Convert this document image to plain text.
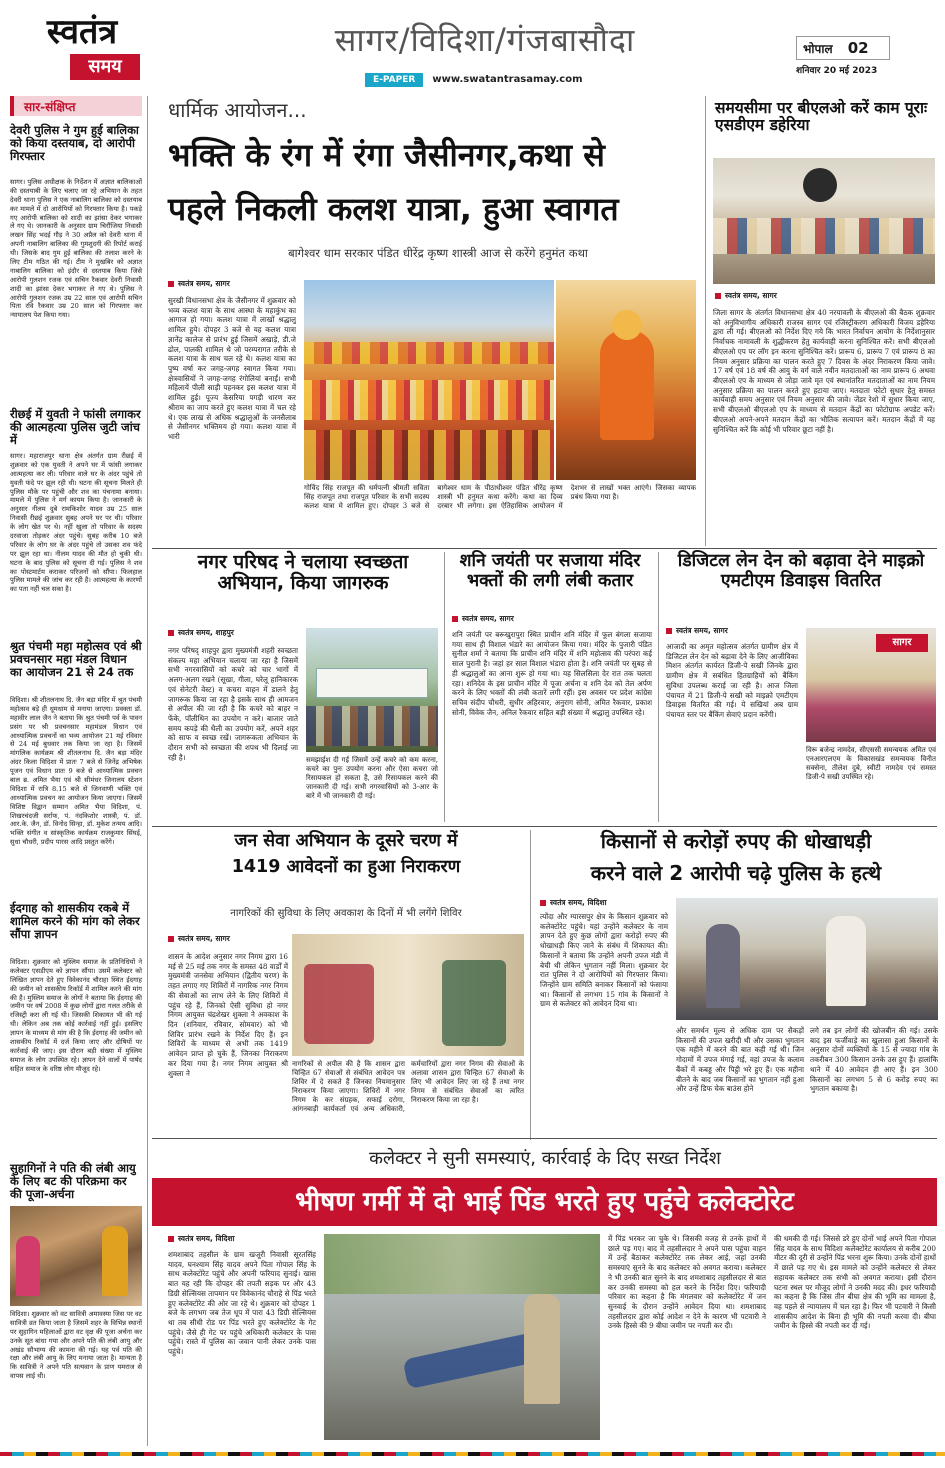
स्वतंत्र
समय
सागर/विदिशा/गंजबासौदा
E-PAPER www.swatantrasamay.com
भोपाल 02
शनिवार 20 मई 2023
सार-संक्षिप्त
देवरी पुलिस ने गुम हुई बालिका को किया दस्तयाब, दो आरोपी गिरफ्तार
सागर। पुलिस अधीक्षक के निर्देशन में अज्ञात बालिकाओं की दस्तयाबी के लिए चलाए जा रहे अभियान के तहत देवरी थाना पुलिस ने एक नाबालिग बालिका को दस्तयाब कर मामले में दो आरोपियों को गिरफ्तार किया है। पकड़े गए आरोपी बालिका को शादी का झांसा देकर भगाकर ले गए थे। जानकारी के अनुसार ग्राम चिरौंजिया निवासी लखन सिंह भदई गौड़ ने 30 अप्रैल को देवरी थाना में अपनी नाबालिग बालिका की गुमशुदगी की रिपोर्ट कराई थी। जिसके बाद गुम हुई बालिका की तलाश करने के लिए टीम गठित की गई। टीम ने मुखबिर को अज्ञात नाबालिग बालिका को इंदौर से दस्तयाब किया जिसे आरोपी गुलशन रजक एवं सचिन रैकवार देवरी निवासी शादी का झांसा देकर भगाकर ले गए थे। पुलिस ने आरोपी गुलशन रजक उम्र 22 साल एवं आरोपी सचिन पिता रवि रैकवार उम्र 20 साल को गिरफ्तार कर न्यायालय पेश किया गया।
रीछई में युवती ने फांसी लगाकर की आत्महत्या पुलिस जुटी जांच में
सागर। महाराजपुर थाना क्षेत्र अंतर्गत ग्राम रीछई में शुक्रवार को एक युवती ने अपने घर में फांसी लगाकर आत्महत्या कर ली। परिवार वाले घर के अंदर पहुंचे तो युवती फंदे पर झूल रही थी। घटना की सूचना मिलते ही पुलिस मौके पर पहुंची और शव का पंचनामा बनाया। मामले में पुलिस ने मर्ग कायम किया है। जानकारी के अनुसार नीलम दुबे रामकिशोर यादव उम्र 25 साल निवासी रीछई शुक्रवार सुबह अपने घर पर थी। परिवार के लोग खेत पर थे। नहीं खुला तो परिवार के सदस्य दरवाजा तोड़कर अंदर पहुंचे। सुबह करीब 10 बजे परिवार के लोग घर के अंदर पहुंचे तो उसका शव फंदे पर झूल रहा था। नीलम यादव की मौत हो चुकी थी। घटना के बाद पुलिस को सूचना दी गई। पुलिस ने शव का पोस्टमार्टम कराकर परिजनों को सौंपा। फिलहाल पुलिस मामले की जांच कर रही है। आत्महत्या के कारणों का पता नहीं चल सका है।
श्रुत पंचमी महा महोत्सव एवं श्री प्रवचनसार महा मंडल विधान का आयोजन 21 से 24 तक
विदिशा। श्री शीतलनाथ दि. जैन बड़ा मंदिर में श्रुत पंचमी महोत्सव बड़े ही धूमधाम से मनाया जाएगा। प्रवक्ता डॉ. महावीर लाल जैन ने बताया कि श्रुत पंचमी पर्व के पावन प्रसंग पर श्री प्रवचनसार महामंडल विधान एवं आध्यात्मिक प्रवचनों का भव्य आयोजन 21 मई रविवार से 24 मई बुधवार तक किया जा रहा है। जिसमें मांगलिक कार्यक्रम श्री शीतलनाथ दि. जैन बड़ा मंदिर अंदर किला विदिशा में प्रातः 7 बजे से जिनेंद्र अभिषेक पूजन एवं विधान प्रातः 9 बजे से आध्यात्मिक प्रवचन बाल ब्र. अमित भैया एवं श्री सीमंधर जिनालय स्टेशन विदिशा में रात्रि 8.15 बजे से जिनवाणी भक्ति एवं आध्यात्मिक प्रवचन का आयोजन किया जाएगा। जिसमें विशिष्ट विद्वान सम्मान अमित भैया विदिशा, पं. शिखरचंदजी सर्राफ, पं. नंदकिशोर शास्त्री, पं. डॉ. आर.के. जैन, डॉ. विनोद सिन्हा, डॉ. मुकेश तन्मय आदि। भक्ति संगीत व सांस्कृतिक कार्यक्रम राजकुमार सिंघई, सुधा चौधरी, प्रदीप पारस आदि प्रस्तुत करेंगे।
ईदगाह को शासकीय रकबे में शामिल करने की मांग को लेकर सौंपा ज्ञापन
विदिशा। शुक्रवार को मुस्लिम समाज के प्रतिनिधियों ने कलेक्टर एसडीएम को ज्ञापन सौंपा। उसमें कलेक्टर को लिखित ज्ञापन देते हुए विवेकानंद चौराहा स्थित ईदगाह की जमीन को शासकीय रिकॉर्ड में शामिल करने की मांग की है। मुस्लिम समाज के लोगों ने बताया कि ईदगाह की जमीन पर वर्ष 2008 में कुछ लोगों द्वारा गलत तरीके से रजिस्ट्री करा ली गई थी। जिसकी शिकायत भी की गई थी। लेकिन अब तक कोई कार्रवाई नहीं हुई। इसलिए ज्ञापन के माध्यम से मांग की है कि ईदगाह की जमीन को शासकीय रिकॉर्ड में दर्ज किया जाए और दोषियों पर कार्रवाई की जाए। इस दौरान बड़ी संख्या में मुस्लिम समाज के लोग उपस्थित रहे। ज्ञापन देने वालों में पार्षद सहित समाज के वरिष्ठ लोग मौजूद रहे।
सुहागिनों ने पति की लंबी आयु के लिए बट की परिक्रमा कर की पूजा-अर्चना
विदिशा। शुक्रवार को वट सावित्री अमावस्या जिस पर वट सावित्री व्रत किया जाता है जिसमें शहर के विभिन्न स्थानों पर सुहागिन महिलाओं द्वारा वट वृक्ष की पूजा अर्चना कर उनके सूत बांधा गया और अपने पति की लंबी आयु और अखंड सौभाग्य की कामना की गई। यह पर्व पति की रक्षा और लंबी आयु के लिए मनाया जाता है। मान्यता है कि सावित्री ने अपने पति सत्यवान के प्राण यमराज से वापस लाई थी।
धार्मिक आयोजन...
भक्ति के रंग में रंगा जैसीनगर,कथा से
पहले निकली कलश यात्रा, हुआ स्वागत
बागेश्वर धाम सरकार पंडित धीरेंद्र कृष्ण शास्त्री आज से करेंगे हनुमंत कथा
स्वतंत्र समय, सागर
सुरखी विधानसभा क्षेत्र के जैसीनगर में शुक्रवार को भव्य कलश यात्रा के साथ आस्था के महाकुंभ का आगाज हो गया। कलश यात्रा में लाखों श्रद्धालु शामिल हुये। दोपहर 3 बजे से यह कलश यात्रा ज्ञानेंद्र कालेज से प्रारंभ हुई जिसमें अखाड़े, डी.जे ढोल, पालकी शामिल थे जो परम्परागत तरीके से कलश यात्रा के साथ चल रहे थे। कलश यात्रा का पुष्प वर्षा कर जगह-जगह स्वागत किया गया। क्षेत्रवासियों ने जगह-जगह रंगोलियां बनाईं। सभी महिलायें पीली साड़ी पहनकर इस कलश यात्रा में शामिल हुई। पूज्य केसरिया पगड़ी धारण कर श्रीराम का जाप करते हुए कलश यात्रा में चल रहे थे। एक लाख से अधिक श्रद्धालुओं के जनसैलाब से जैसीनगर भक्तिमय हो गया। कलश यात्रा में भारी
गोविंद सिंह राजपूत की धर्मपत्नी श्रीमती सविता सिंह राजपूत तथा राजपूत परिवार के सभी सदस्य कलश यात्रा मे शामिल हुए। दोपहर 3 बजे से बागेश्वर धाम के पीठाधीश्वर पंडित धीरेंद्र कृष्ण शास्त्री भी हनुमत कथा करेंगे। कथा का दिव्य दरबार भी लगेगा। इस ऐतिहासिक आयोजन में देशभर से लाखों भक्त आएंगे। जिसका व्यापक प्रबंध किया गया है।
समयसीमा पर बीएलओ करें काम पूराः एसडीएम डहेरिया
स्वतंत्र समय, सागर
जिला सागर के अंतर्गत विधानसभा क्षेत्र 40 नरयावली के बीएलओ की बैठक शुक्रवार को अनुविभागीय अधिकारी राजस्व सागर एवं रजिस्ट्रीकरण अधिकारी विजय डहेरिया द्वारा ली गई। बीएलओ को निर्देश दिए गये कि भारत निर्वाचन आयोग के निर्देशानुसार निर्वाचक नामावली के शुद्धीकरण हेतु कार्यवाही करना सुनिश्चित करें। सभी बीएलओ बीएलओ एप पर लॉग इन करना सुनिश्चित करें। प्रारूप 6, प्रारूप 7 एवं प्रारूप 8 का नियम अनुसार प्रक्रिया का पालन करते हुए 7 दिवस के अंदर निराकरण किया जावे। 17 वर्ष एवं 18 वर्ष की आयु के वर्ग वाले नवीन मतदाताओं का नाम प्रारूप 6 अथवा बीएलओ एप के माध्यम से जोड़ा जावे मृत एवं स्थानांतरित मतदाताओं का नाम नियम अनुसार प्रक्रिया का पालन करते हुए हटाया जाए। मतदाता फोटो सुधार हेतु समस्त कार्यवाही समय अनुसार एवं नियम अनुसार की जावे। जेंडर रेशो में सुधार किया जाए, सभी बीएलओ बीएलओ एप के माध्यम से मतदान केंद्रों का फोटोग्राफ अपडेट करें। बीएलओ अपने-अपने मतदान केंद्रों का भौतिक सत्यापन करें। मतदान केंद्रों में यह सुनिश्चित करें कि कोई भी परिवार छूटा नहीं है।
नगर परिषद ने चलाया स्वच्छता अभियान, किया जागरुक
स्वतंत्र समय, शाहपुर
नगर परिषद् शाहपुर द्वारा मुख्यमंत्री शहरी स्वच्छता संकल्प महा अभियान चलाया जा रहा है जिसमें सभी नगरवासियों को कचरे को चार भागों में अलग-अलग रखने (सूखा, गीला, घरेलू हानिकारक एवं सेनेटरी वेस्ट) व कचरा वाहन में डालने हेतु जागरूक किया जा रहा है इसके साथ ही आमजन से अपील की जा रही है कि कचरे को बाहर न फेंके, पॉलीथिन का उपयोग न करे। बाजार जाते समय कपड़े की थैली का उपयोग करें, अपने शहर को साफ व स्वच्छ रखें। जागरूकता अभियान के दौरान सभी को स्वच्छता की शपथ भी दिलाई जा रही है।	समझाईश दी गई जिसमें उन्हें कचरे को कम करना, कचरे का पुनः उपयोग करना और ऐसा कचरा जो रिसायकल हो सकता है, उसे रिसायकल करने की जानकारी दी गई। सभी नगरवासियों को 3-आर के बारे में भी जानकारी दी गई।
शनि जयंती पर सजाया मंदिर भक्तों की लगी लंबी कतार
स्वतंत्र समय, सागर
शनि जयंती पर बरूखुरापुरा स्थित प्राचीन शनि मंदिर में फूल बंगला सजाया गया साथ ही विशाल भंडारे का आयोजन किया गया। मंदिर के पुजारी पंडित सुनील शर्मा ने बताया कि प्राचीन शनि मंदिर में शनि महोत्सव की परंपरा कई साल पुरानी है। जहां हर साल विशाल भंडारा होता है। शनि जयंती पर सुबह से ही श्रद्धालुओं का आना शुरू हो गया था। यह सिलसिला देर रात तक चलता रहा। शनिदेव के इस प्राचीन मंदिर में पूजा अर्चना व शनि देव को तेल अर्पण करने के लिए भक्तों की लंबी कतारें लगी रहीं। इस अवसर पर प्रदेश कांग्रेस सचिव संदीप चौधरी, सुधीर अहिरवार, अनुराग सोनी, अमित रैकवार, प्रकाश सोनी, विवेक जैन, अनिल रैकवार सहित बड़ी संख्या में श्रद्धालु उपस्थित रहे।
डिजिटल लेन देन को बढ़ावा देने माइक्रो एमटीएम डिवाइस वितरित
स्वतंत्र समय, सागर
आजादी का अमृत महोत्सव अंतर्गत ग्रामीण क्षेत्र में डिजिटल लेन देन को बढ़ावा देने के लिए आजीविका मिशन अंतर्गत कार्यरत डिजी-पे सखी जिनके द्वारा ग्रामीण क्षेत्र में सबंधित हितग्राहियों को बैंकिंग सुविधा उपलब्ध कराई जा रही है। आज जिला पंचायत में 21 डिजी-पे सखी को माइक्रो एमटीएम डिवाइस वितरित की गई। ये सखियां अब ग्राम पंचायत स्तर पर बैंकिंग सेवाएं प्रदान करेंगी।
सागर
विरू बजेन्द्र नामदेव, सीएससी समन्वयक अमित एवं एनआरएलएम के विकासखंड समन्वयक विनीत सक्सेना, तीलेश दुबे, स्वीटी नामदेव एवं समस्त डिजी-पे सखी उपस्थित रहे।
जन सेवा अभियान के दूसरे चरण में
1419 आवेदनों का हुआ निराकरण
नागरिकों की सुविधा के लिए अवकाश के दिनों में भी लगेंगे शिविर
स्वतंत्र समय, सागर
शासन के आदेश अनुसार नगर निगम द्वारा 16 मई से 25 मई तक नगर के समस्त 48 वार्डों में मुख्यमंत्री जनसेवा अभियान (द्वितीय चरण) के तहत लगाए गए शिविरों में नागरिक नगर निगम की सेवाओं का लाभ लेने के लिए शिविरों में पहुंच रहे हैं, जिनको ऐसी सुविधा हो नगर निगम आयुक्त चंद्रशेखर शुक्ला ने अवकाश के दिन (शनिवार, रविवार, सोमवार) को भी शिविर प्रारंभ रखने के निर्देश दिए हैं। इन शिविरों के माध्यम से अभी तक 1419 आवेदन प्राप्त हो चुके हैं, जिनका निराकरण कर दिया गया है। नगर निगम आयुक्त श्री शुक्ला ने
नागरिकों से अपील की है कि शासन द्वारा चिन्हित 67 सेवाओं से संबंधित आवेदन पत्र शिविर में दे सकते हैं जिनका नियमानुसार निराकरण किया जाएगा। शिविरों में नगर निगम के कर संग्रहक, सफाई दरोगा, आंगनबाड़ी कार्यकर्ता एवं अन्य अधिकारी, कर्मचारियों द्वारा नगर निगम की सेवाओं के अलावा शासन द्वारा चिन्हित 67 सेवाओं के लिए भी आवेदन लिए जा रहे हैं तथा नगर निगम से संबंधित सेवाओं का त्वरित निराकरण किया जा रहा है।
किसानों से करोड़ों रुपए की धोखाधड़ी
करने वाले 2 आरोपी चढ़े पुलिस के हत्थे
स्वतंत्र समय, विदिशा
त्योंदा और ग्यारसपुर क्षेत्र के किसान शुक्रवार को कलेक्टोरेट पहुंचे। यहां उन्होंने कलेक्टर के नाम ज्ञापन देते हुए कुछ लोगों द्वारा करोड़ों रुपए की धोखाधड़ी किए जाने के संबंध में शिकायत की। किसानों ने बताया कि उन्होंने अपनी उपज मंडी में बेची थी लेकिन भुगतान नहीं मिला। शुक्रवार देर रात पुलिस ने दो आरोपियों को गिरफ्तार किया। जिन्होंने ग्राम समिति बनाकर किसानों को फंसाया था। किसानों से लगभग 15 गांव के किसानों ने ग्राम से कलेक्टर को आवेदन दिया था।
और समर्थन मूल्य से अधिक दाम पर सैकड़ों किसानों की उपज खरीदी थी और उसका भुगतान एक महीने में करने की बात कही गई थी। जिन गोदामों में उपज मंगाई गई, वहां उपज के कलाम बैंकों में कबड्ड और पिट्ठी भरे हुए हैं। एक महीना बीतने के बाद जब किसानों का भुगतान नहीं हुआ और उन्हें डिफ चेक बाउंस होने
लगे तब इन लोगों की खोजबीन की गई। उसके बाद इस फर्जीवाड़े का खुलासा हुआ किसानों के अनुसार दोनों व्यक्तियों के 15 से ज्यादा गांव के तकरीबन 300 किसान उनके उस हुए हैं। हालांकि थाने में 40 आवेदन ही आए हैं। इन 300 किसानों का लगभग 5 से 6 करोड़ रुपए का भुगतान बकाया है।
कलेक्टर ने सुनी समस्याएं, कार्रवाई के दिए सख्त निर्देश
भीषण गर्मी में दो भाई पिंड भरते हुए पहुंचे कलेक्टोरेट
स्वतंत्र समय, विदिशा
शमशाबाद तहसील के ग्राम खजूरी निवासी सूरतसिंह यादव, घनश्याम सिंह यादव अपने पिता गोपाल सिंह के साथ कलेक्टोरेट पहुंचे और अपनी फरियाद सुनाई। खास बात यह रही कि दोपहर की तपती सड़क पर और 43 डिग्री सेल्सियस तापमान पर विवेकानंद चौराहे से पिंड भरते हुए कलेक्टोरेट की ओर जा रहे थे। शुक्रवार को दोपहर 1 बजे के लगभग जब तेज धूप में पारा 43 डिग्री सेल्सियस था तब सीधी रोड पर पिंड भरते हुए कलेक्टोरेट के गेट पहुंचे। जैसे ही गेट पर पहुंचे अधिकारी कलेक्टर के पास पहुंचे। रास्ते में पुलिस का जवान पानी लेकर उनके पास पहुंचे।
में पिंड भरकर जा चुके थे। जिसकी वजह से उनके हाथों में छाले पड़ गए। बाद में तहसीलदार ने अपने पास पहुंचा वाहन में उन्हें बैठाकर कलेक्टोरेट तक लेकर आई, जहां उनकी समस्याएं सुनने के बाद कलेक्टर को अवगत कराया। कलेक्टर ने भी उनकी बात सुनने के बाद शमशाबाद तहसीलदार से बात कर उनकी समस्या को हल करने के निर्देश दिए। फरियादी परिवार का कहना है कि मंगलवार को कलेक्टोरेट में जन सुनवाई के दौरान उन्होंने आवेदन दिया था। शमशाबाद तहसीलदार द्वारा कोई आदेश न देने के कारण भी पटवारी ने उनके हिस्से की 9 बीघा जमीन पर नपती कर दी।
की धमकी दी गई। जिससे डरे हुए दोनों भाई अपने पिता गोपाल सिंह यादव के साथ विदिशा कलेक्टोरेट कार्यालय से करीब 200 मीटर की दूरी से उन्होंने पिंड भरना शुरू किया। उनके दोनों हाथों में छाले पड़ गए थे। इस मामले को उन्होंने कलेक्टर से लेकर सहायक कलेक्टर तक सभी को अवगत कराया। इसी दौरान घटना स्थल पर मौजूद लोगों ने उनकी मदद की। इधर फरियादी का कहना है कि जिस तीन बीघा क्षेत्र की भूमि का मामला है, वह पहले से न्यायालय में चल रहा है। फिर भी पटवारी ने किसी शासकीय आदेश के बिना ही भूमि की नपती करवा दी। बीघा जमीन के हिस्से की नपती कर दी गई।
